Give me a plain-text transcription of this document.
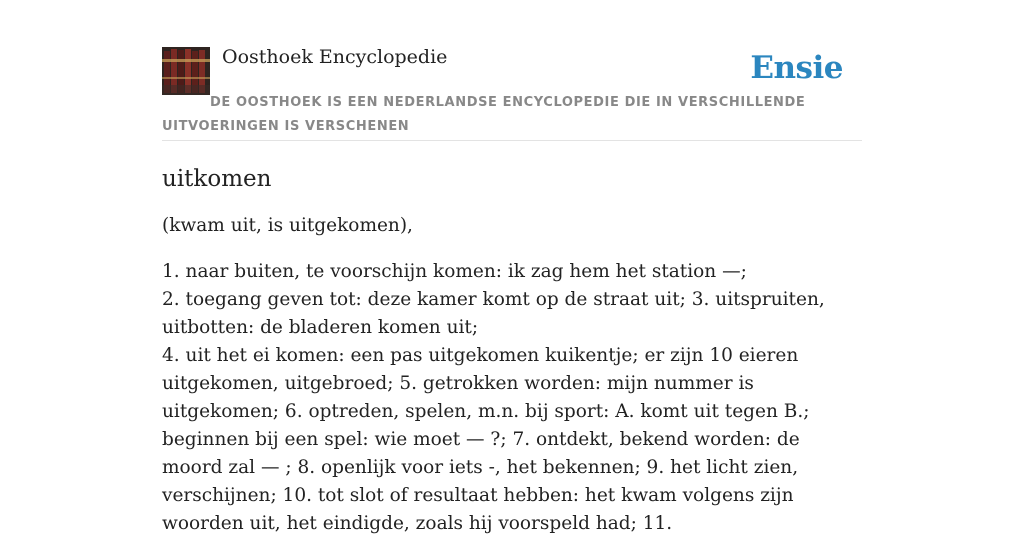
Oosthoek Encyclopedie	Ensie
DE OOSTHOEK IS EEN NEDERLANDSE ENCYCLOPEDIE DIE IN VERSCHILLENDE UITVOERINGEN IS VERSCHENEN
uitkomen

(kwam uit, is uitgekomen),

1. naar buiten, te voorschijn komen: ik zag hem het station —;
2. toegang geven tot: deze kamer komt op de straat uit; 3. uitspruiten, uitbotten: de bladeren komen uit;
4. uit het ei komen: een pas uitgekomen kuikentje; er zijn 10 eieren uitgekomen, uitgebroed; 5. getrokken worden: mijn nummer is uitgekomen; 6. optreden, spelen, m.n. bij sport: A. komt uit tegen B.; beginnen bij een spel: wie moet — ?; 7. ontdekt, bekend worden: de moord zal — ; 8. openlijk voor iets -, het bekennen; 9. het licht zien, verschijnen; 10. tot slot of resultaat hebben: het kwam volgens zijn woorden uit, het eindigde, zoals hij voorspeld had; 11.
